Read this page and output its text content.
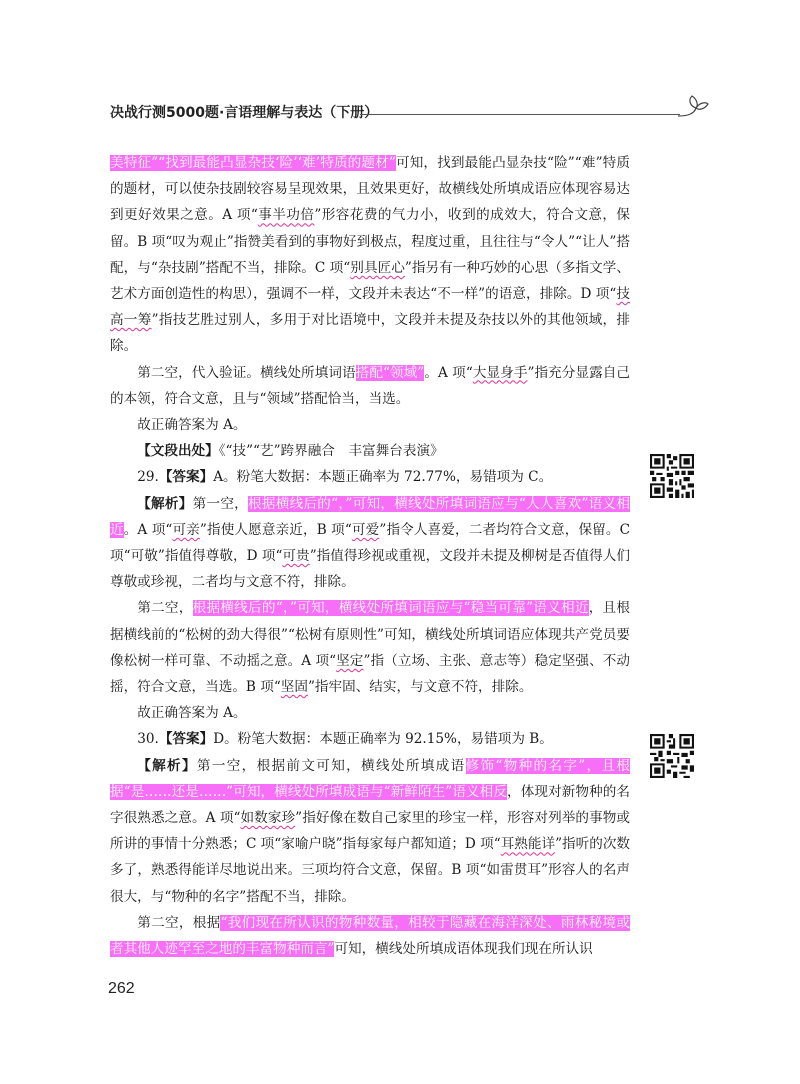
决战行测5000题·言语理解与表达（下册）

美特征”“找到最能凸显杂技‘险’‘难’特质的题材”可知，找到最能凸显杂技“险”“难”特质的题材，可以使杂技剧较容易呈现效果，且效果更好，故横线处所填成语应体现容易达到更好效果之意。A 项“事半功倍”形容花费的气力小，收到的成效大，符合文意，保留。B 项“叹为观止”指赞美看到的事物好到极点，程度过重，且往往与“令人”“让人”搭配，与“杂技剧”搭配不当，排除。C 项“别具匠心”指另有一种巧妙的心思（多指文学、艺术方面创造性的构思），强调不一样，文段并未表达“不一样”的语意，排除。D 项“技高一筹”指技艺胜过别人，多用于对比语境中，文段并未提及杂技以外的其他领域，排除。

第二空，代入验证。横线处所填词语搭配“领域”。A 项“大显身手”指充分显露自己的本领，符合文意，且与“领域”搭配恰当，当选。

故正确答案为 A。

【文段出处】《“技”“艺”跨界融合　丰富舞台表演》

29.【答案】A。粉笔大数据：本题正确率为 72.77%，易错项为 C。

【解析】第一空，根据横线后的“，”可知，横线处所填词语应与“人人喜欢”语义相近。A 项“可亲”指使人愿意亲近，B 项“可爱”指令人喜爱，二者均符合文意，保留。C 项“可敬”指值得尊敬，D 项“可贵”指值得珍视或重视，文段并未提及柳树是否值得人们尊敬或珍视，二者均与文意不符，排除。

第二空，根据横线后的“，”可知，横线处所填词语应与“稳当可靠”语义相近，且根据横线前的“松树的劲大得很”“松树有原则性”可知，横线处所填词语应体现共产党员要像松树一样可靠、不动摇之意。A 项“坚定”指（立场、主张、意志等）稳定坚强、不动摇，符合文意，当选。B 项“坚固”指牢固、结实，与文意不符，排除。

故正确答案为 A。

30.【答案】D。粉笔大数据：本题正确率为 92.15%，易错项为 B。

【解析】第一空，根据前文可知，横线处所填成语修饰“物种的名字”，且根据“是……还是……”可知，横线处所填成语与“新鲜陌生”语义相反，体现对新物种的名字很熟悉之意。A 项“如数家珍”指好像在数自己家里的珍宝一样，形容对列举的事物或所讲的事情十分熟悉；C 项“家喻户晓”指每家每户都知道；D 项“耳熟能详”指听的次数多了，熟悉得能详尽地说出来。三项均符合文意，保留。B 项“如雷贯耳”形容人的名声很大，与“物种的名字”搭配不当，排除。

第二空，根据“我们现在所认识的物种数量，相较于隐藏在海洋深处、雨林秘境或者其他人迹罕至之地的丰富物种而言”可知，横线处所填成语体现我们现在所认识

262
